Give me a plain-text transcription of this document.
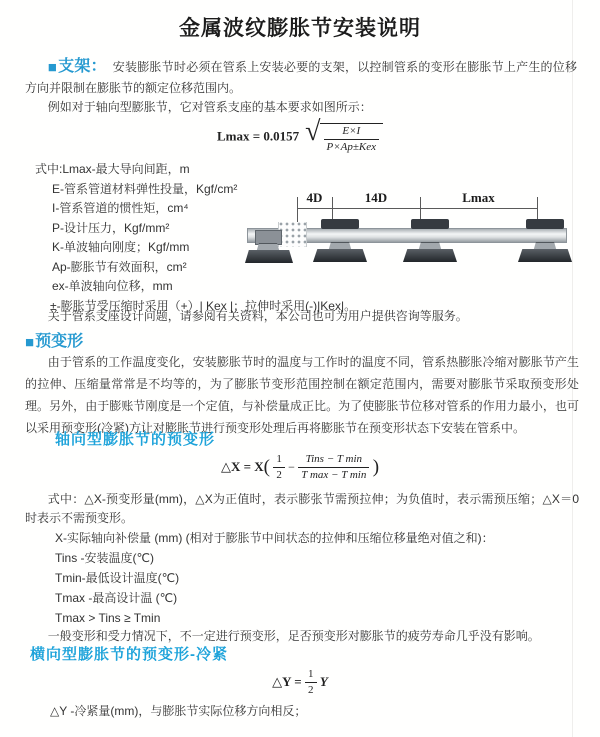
金属波纹膨胀节安装说明
■支架： 安装膨胀节时必须在管系上安装必要的支架，以控制管系的变形在膨胀节上产生的位移方向并限制在膨胀节的额定位移范围内。
例如对于轴向型膨胀节，它对管系支座的基本要求如图所示：
Lmax = 0.0157 √	E×I
P×Ap±Kex
式中:Lmax-最大导向间距，m
E-管系管道材料弹性投量，Kgf/cm²
I-管系管道的惯性矩，cm⁴
P-设计压力，Kgf/mm²
K-单波轴向刚度；Kgf/mm
Ap-膨胀节有效面积，cm²
ex-单波轴向位移，mm
±-膨胀节受压缩时采用（+）| Kex |；拉伸时采用(-)|Kex|。
4D	14D	Lmax
关于管系支座设计问题，请参阅有关资料，本公司也可为用户提供咨询等服务。
■预变形
由于管系的工作温度变化，安装膨胀节时的温度与工作时的温度不同，管系热膨胀冷缩对膨胀节产生的拉伸、压缩量常常是不均等的，为了膨胀节变形范围控制在额定范围内，需要对膨胀节采取预变形处理。另外，由于膨账节刚度是一个定值，与补偿量成正比。为了使膨胀节位移对管系的作用力最小，也可以采用预变形(冷紧)方让对膨胀节进行预变形处理后再将膨胀节在预变形状态下安装在管系中。
轴向型膨胀节的预变形
△X = $X( \frac{1}{2}$ −
Tins − T min
T max − T min )
式中：△X-预变形量(mm)，△X为正值时，表示膨张节需预拉伸；为负值时，表示需预压缩；△X＝0时表示不需预变形。
X-实际轴向补偿量 (mm) (相对于膨胀节中间状态的拉伸和压缩位移量绝对值之和)：
Tins -安装温度(℃)
Tmin-最低设计温度(℃)
Tmax -最高设计温 (℃)
Tmax > Tins ≥ Tmin
一般变形和受力情况下，不一定进行预变形，足否预变形对膨胀节的疲劳寿命几乎没有影响。
横向型膨胀节的预变形-冷紧
△Y = $\frac{1}{2}$ Y
△Y -冷紧量(mm)，与膨胀节实际位移方向相反；
